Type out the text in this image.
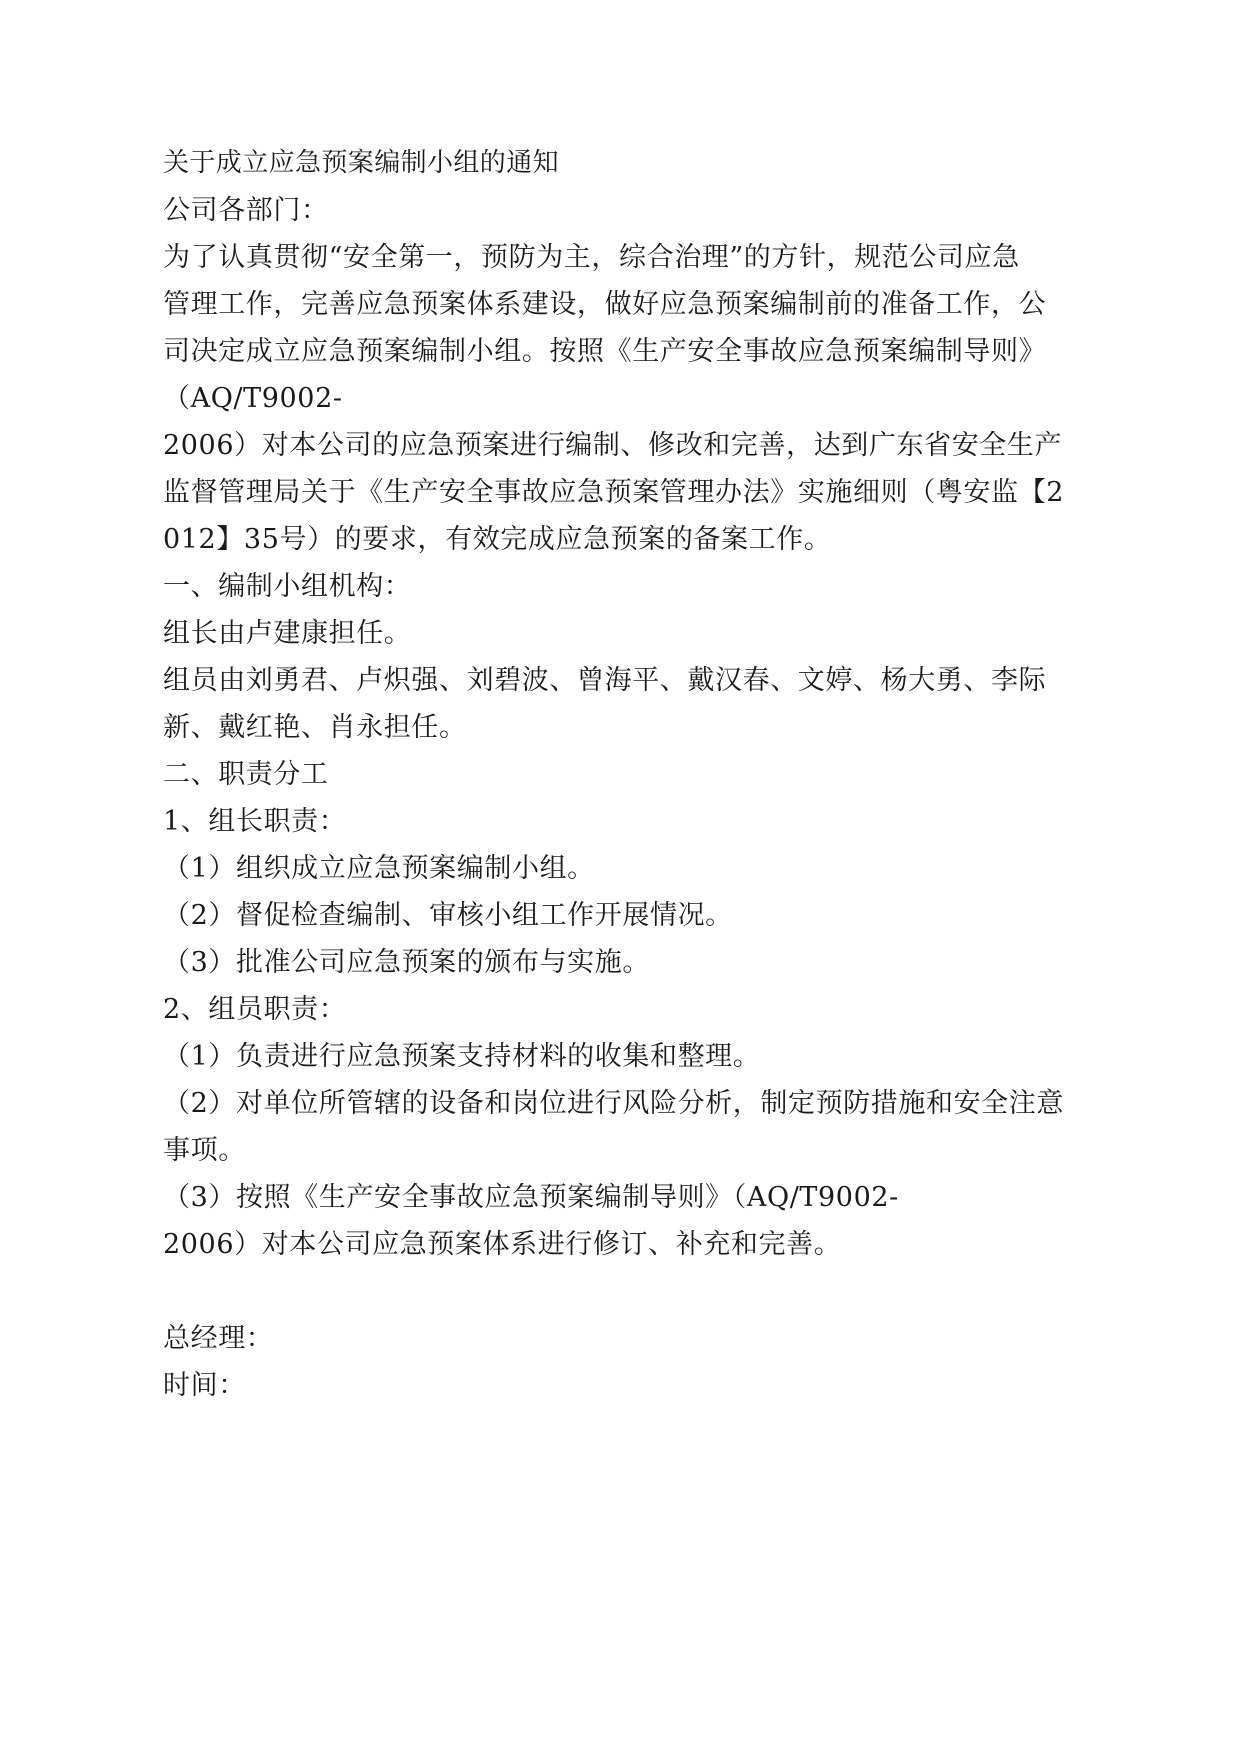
关于成立应急预案编制小组的通知
公司各部门：
为了认真贯彻“安全第一，预防为主，综合治理”的方针，规范公司应急
管理工作，完善应急预案体系建设，做好应急预案编制前的准备工作，公
司决定成立应急预案编制小组。按照《生产安全事故应急预案编制导则》
（AQ/T9002-
2006）对本公司的应急预案进行编制、修改和完善，达到广东省安全生产
监督管理局关于《生产安全事故应急预案管理办法》实施细则（粤安监【2
012】35号）的要求，有效完成应急预案的备案工作。
一、编制小组机构：
组长由卢建康担任。
组员由刘勇君、卢炽强、刘碧波、曾海平、戴汉春、文婷、杨大勇、李际
新、戴红艳、肖永担任。
二、职责分工
1、组长职责：
（1）组织成立应急预案编制小组。
（2）督促检查编制、审核小组工作开展情况。
（3）批准公司应急预案的颁布与实施。
2、组员职责：
（1）负责进行应急预案支持材料的收集和整理。
（2）对单位所管辖的设备和岗位进行风险分析，制定预防措施和安全注意
事项。
（3）按照《生产安全事故应急预案编制导则》（AQ/T9002-
2006）对本公司应急预案体系进行修订、补充和完善。
总经理：
时间：
